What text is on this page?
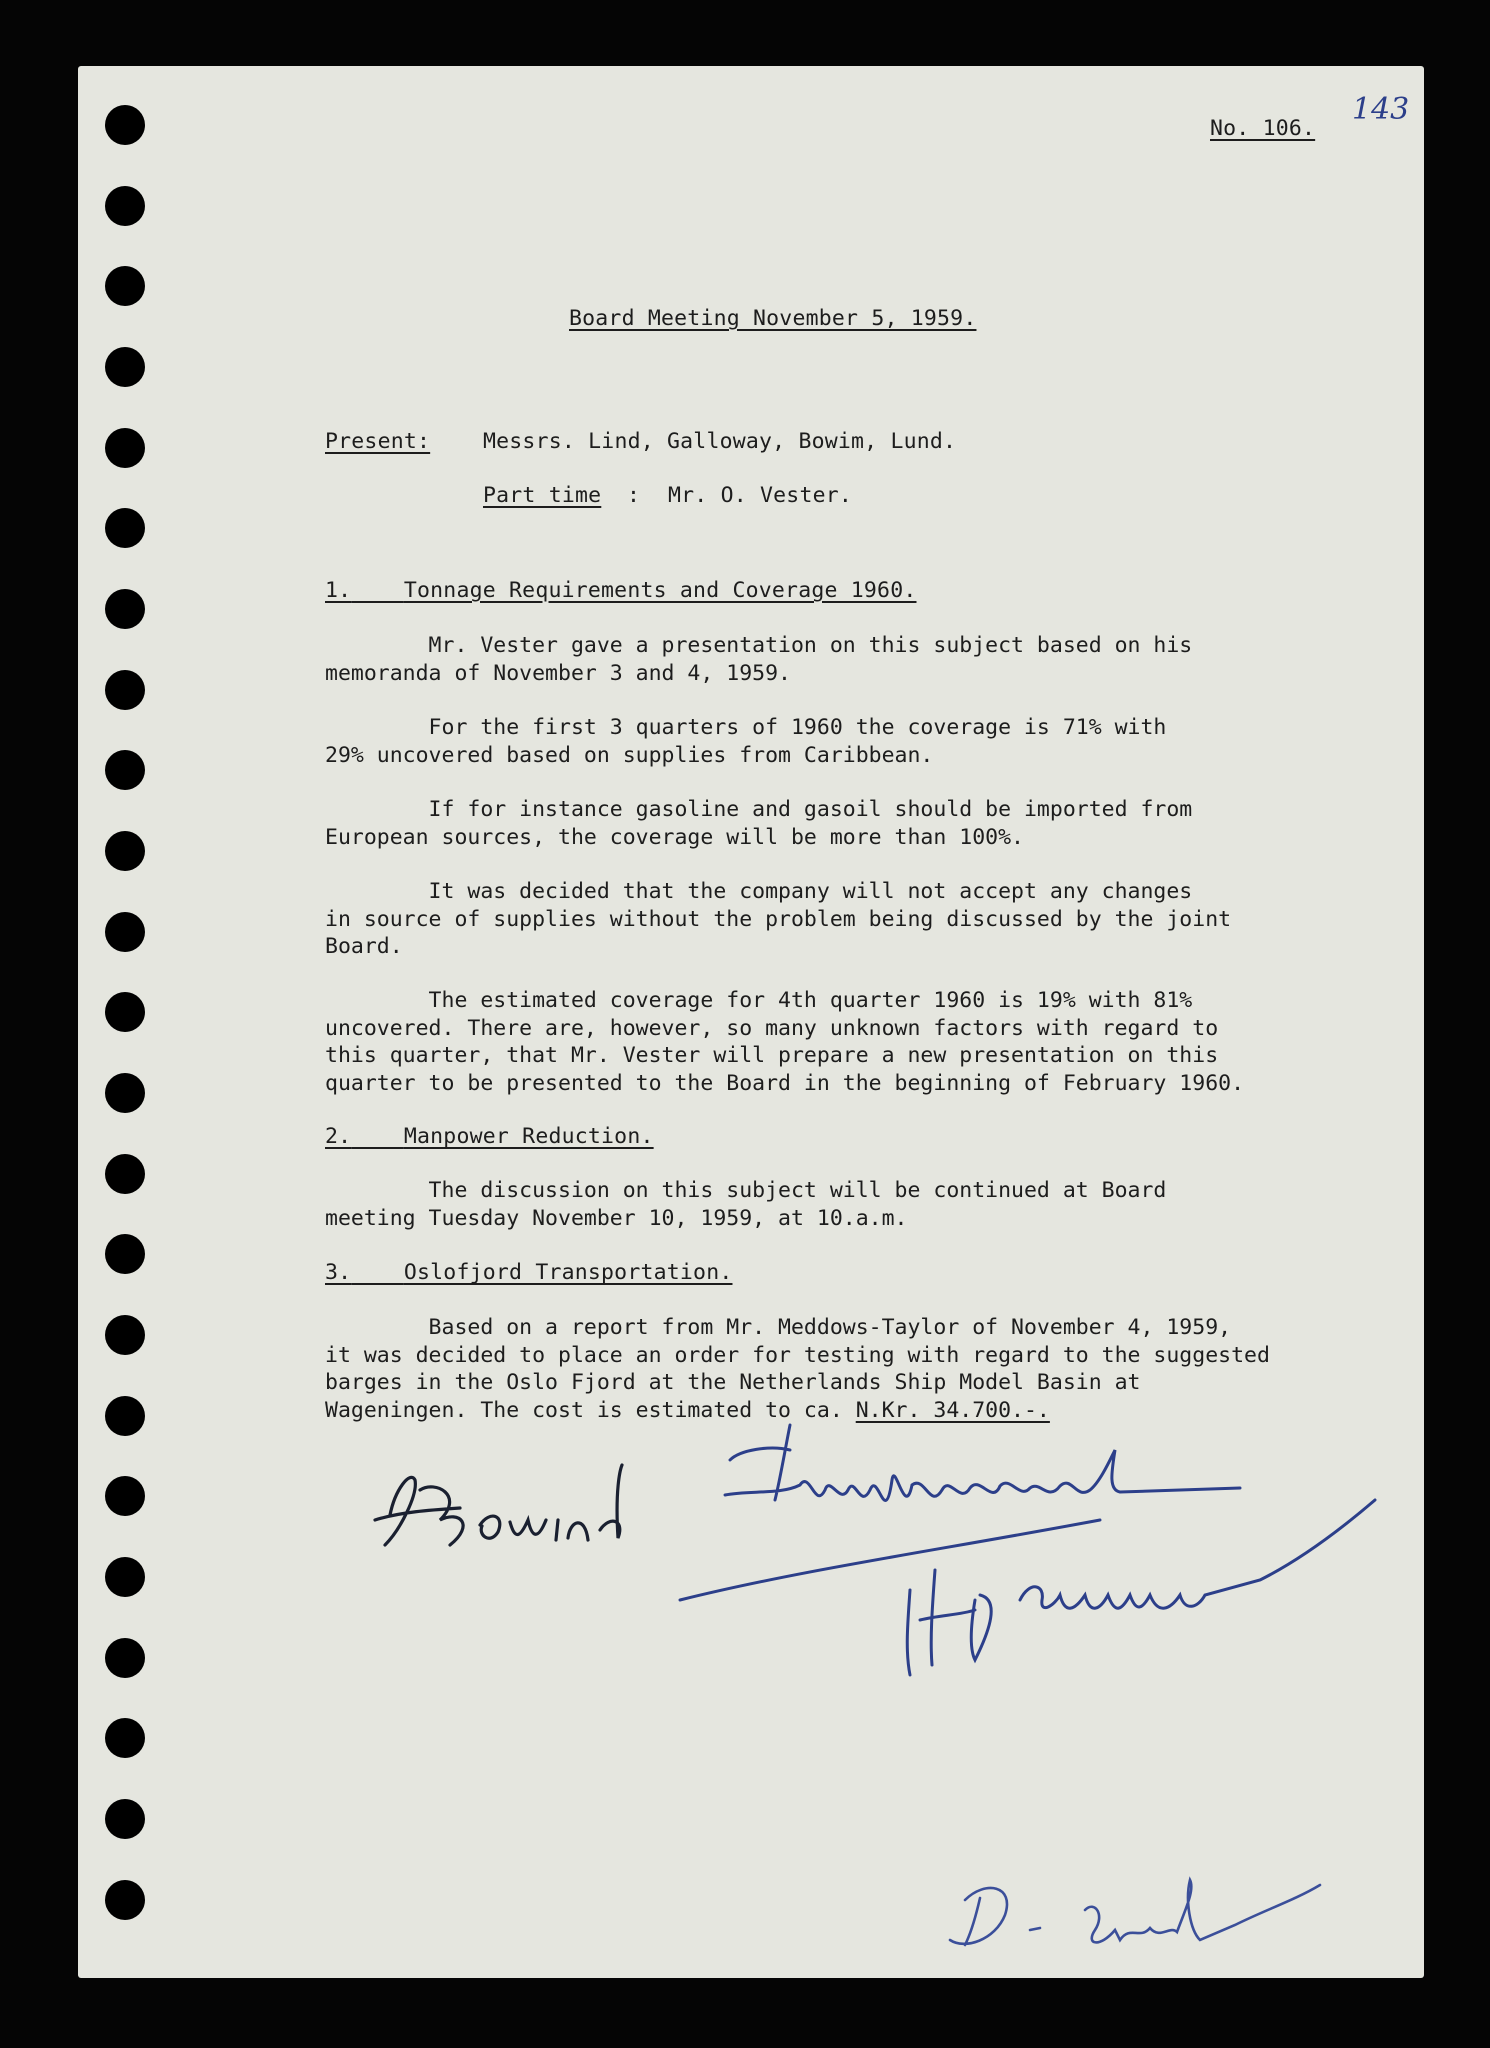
No. 106.
143
Board Meeting November 5, 1959.
Present: Messrs. Lind, Galloway, Bowim, Lund.
Part time : Mr. O. Vester.
1. Tonnage Requirements and Coverage 1960.
Mr. Vester gave a presentation on this subject based on his
memoranda of November 3 and 4, 1959.
For the first 3 quarters of 1960 the coverage is 71% with
29% uncovered based on supplies from Caribbean.
If for instance gasoline and gasoil should be imported from
European sources, the coverage will be more than 100%.
It was decided that the company will not accept any changes
in source of supplies without the problem being discussed by the joint
Board.
The estimated coverage for 4th quarter 1960 is 19% with 81%
uncovered. There are, however, so many unknown factors with regard to
this quarter, that Mr. Vester will prepare a new presentation on this
quarter to be presented to the Board in the beginning of February 1960.
2. Manpower Reduction.
The discussion on this subject will be continued at Board
meeting Tuesday November 10, 1959, at 10.a.m.
3. Oslofjord Transportation.
Based on a report from Mr. Meddows-Taylor of November 4, 1959,
it was decided to place an order for testing with regard to the suggested
barges in the Oslo Fjord at the Netherlands Ship Model Basin at
Wageningen. The cost is estimated to ca. N.Kr. 34.700.-.
